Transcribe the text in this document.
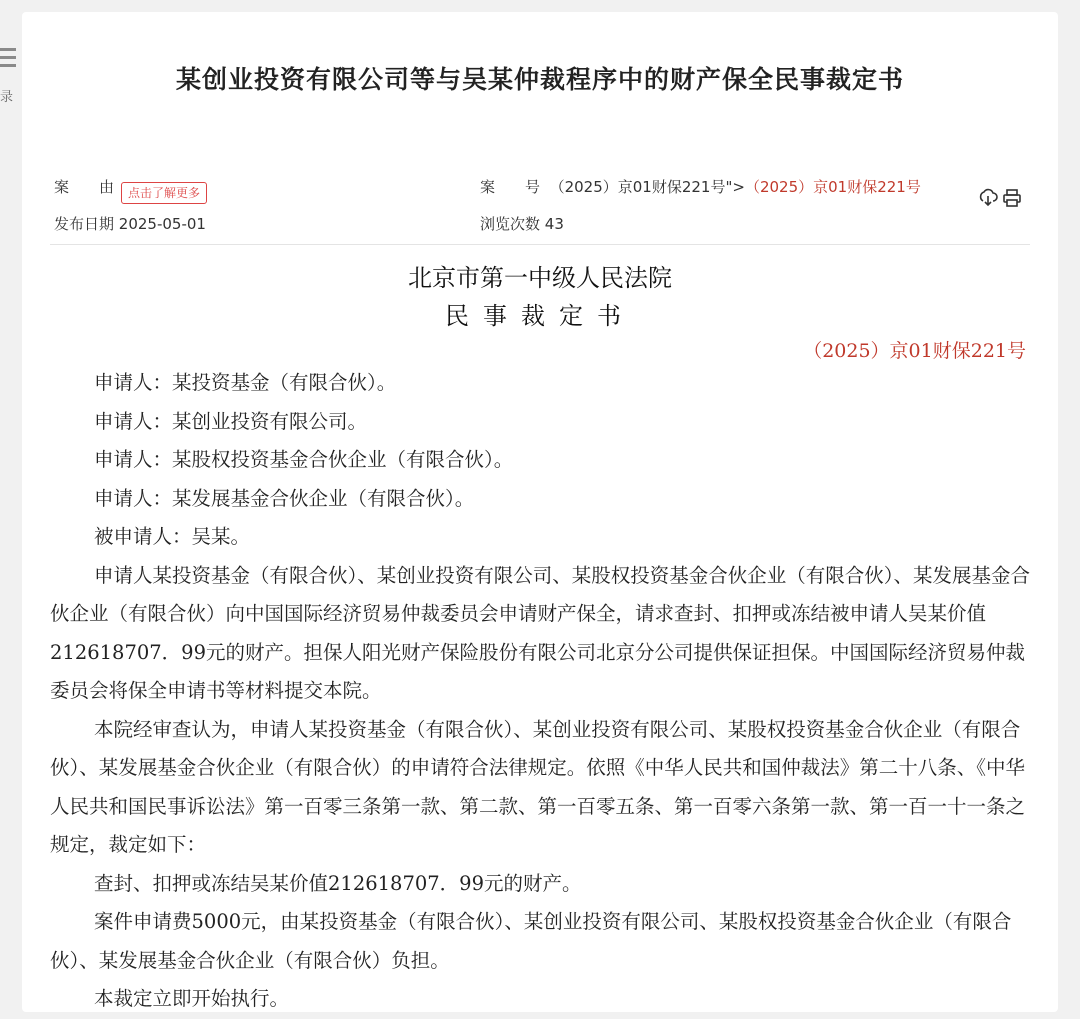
录
某创业投资有限公司等与吴某仲裁程序中的财产保全民事裁定书
案　　由	点击了解更多	案　　号 （2025）京01财保221号">（2025）京01财保221号
发布日期 2025-05-01	浏览次数 43
北京市第一中级人民法院
民事裁定书
（2025）京01财保221号

申请人：某投资基金（有限合伙）。

申请人：某创业投资有限公司。

申请人：某股权投资基金合伙企业（有限合伙）。

申请人：某发展基金合伙企业（有限合伙）。

被申请人：吴某。

申请人某投资基金（有限合伙）、某创业投资有限公司、某股权投资基金合伙企业（有限合伙）、某发展基金合伙企业（有限合伙）向中国国际经济贸易仲裁委员会申请财产保全，请求查封、扣押或冻结被申请人吴某价值212618707．99元的财产。担保人阳光财产保险股份有限公司北京分公司提供保证担保。中国国际经济贸易仲裁委员会将保全申请书等材料提交本院。

本院经审查认为，申请人某投资基金（有限合伙）、某创业投资有限公司、某股权投资基金合伙企业（有限合伙）、某发展基金合伙企业（有限合伙）的申请符合法律规定。依照《中华人民共和国仲裁法》第二十八条、《中华人民共和国民事诉讼法》第一百零三条第一款、第二款、第一百零五条、第一百零六条第一款、第一百一十一条之规定，裁定如下：

查封、扣押或冻结吴某价值212618707．99元的财产。

案件申请费5000元，由某投资基金（有限合伙）、某创业投资有限公司、某股权投资基金合伙企业（有限合伙）、某发展基金合伙企业（有限合伙）负担。

本裁定立即开始执行。
